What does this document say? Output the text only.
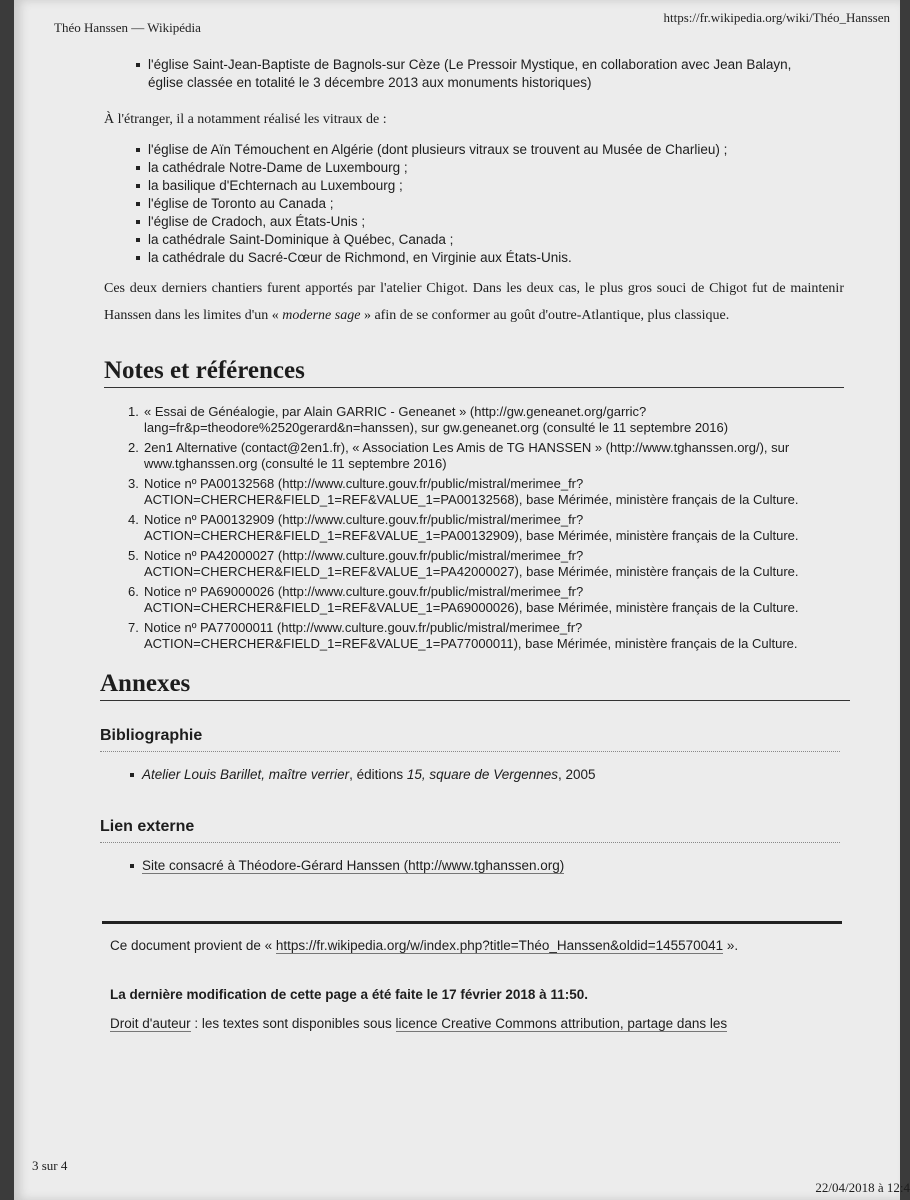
Théo Hanssen — Wikipédia
https://fr.wikipedia.org/wiki/Théo_Hanssen
l'église Saint-Jean-Baptiste de Bagnols-sur Cèze (Le Pressoir Mystique, en collaboration avec Jean Balayn, église classée en totalité le 3 décembre 2013 aux monuments historiques)

À l'étranger, il a notamment réalisé les vitraux de :

l'église de Aïn Témouchent en Algérie (dont plusieurs vitraux se trouvent au Musée de Charlieu) ;
la cathédrale Notre-Dame de Luxembourg ;
la basilique d'Echternach au Luxembourg ;
l'église de Toronto au Canada ;
l'église de Cradoch, aux États-Unis ;
la cathédrale Saint-Dominique à Québec, Canada ;
la cathédrale du Sacré-Cœur de Richmond, en Virginie aux États-Unis.

Ces deux derniers chantiers furent apportés par l'atelier Chigot. Dans les deux cas, le plus gros souci de Chigot fut de maintenir Hanssen dans les limites d'un « moderne sage » afin de se conformer au goût d'outre-Atlantique, plus classique.

Notes et références
1. « Essai de Généalogie, par Alain GARRIC - Geneanet » (http://gw.geneanet.org/garric?lang=fr&p=theodore%2520gerard&n=hanssen), sur gw.geneanet.org (consulté le 11 septembre 2016)
2. 2en1 Alternative (contact@2en1.fr), « Association Les Amis de TG HANSSEN » (http://www.tghanssen.org/), sur www.tghanssen.org (consulté le 11 septembre 2016)
3. Notice nº PA00132568 (http://www.culture.gouv.fr/public/mistral/merimee_fr?ACTION=CHERCHER&FIELD_1=REF&VALUE_1=PA00132568), base Mérimée, ministère français de la Culture.
4. Notice nº PA00132909 (http://www.culture.gouv.fr/public/mistral/merimee_fr?ACTION=CHERCHER&FIELD_1=REF&VALUE_1=PA00132909), base Mérimée, ministère français de la Culture.
5. Notice nº PA42000027 (http://www.culture.gouv.fr/public/mistral/merimee_fr?ACTION=CHERCHER&FIELD_1=REF&VALUE_1=PA42000027), base Mérimée, ministère français de la Culture.
6. Notice nº PA69000026 (http://www.culture.gouv.fr/public/mistral/merimee_fr?ACTION=CHERCHER&FIELD_1=REF&VALUE_1=PA69000026), base Mérimée, ministère français de la Culture.
7. Notice nº PA77000011 (http://www.culture.gouv.fr/public/mistral/merimee_fr?ACTION=CHERCHER&FIELD_1=REF&VALUE_1=PA77000011), base Mérimée, ministère français de la Culture.
Annexes
Bibliographie
Atelier Louis Barillet, maître verrier, éditions 15, square de Vergennes, 2005
Lien externe
Site consacré à Théodore-Gérard Hanssen (http://www.tghanssen.org)
Ce document provient de « https://fr.wikipedia.org/w/index.php?title=Théo_Hanssen&oldid=145570041 ».
La dernière modification de cette page a été faite le 17 février 2018 à 11:50.
Droit d'auteur : les textes sont disponibles sous licence Creative Commons attribution, partage dans les
3 sur 4
22/04/2018 à 12:4
